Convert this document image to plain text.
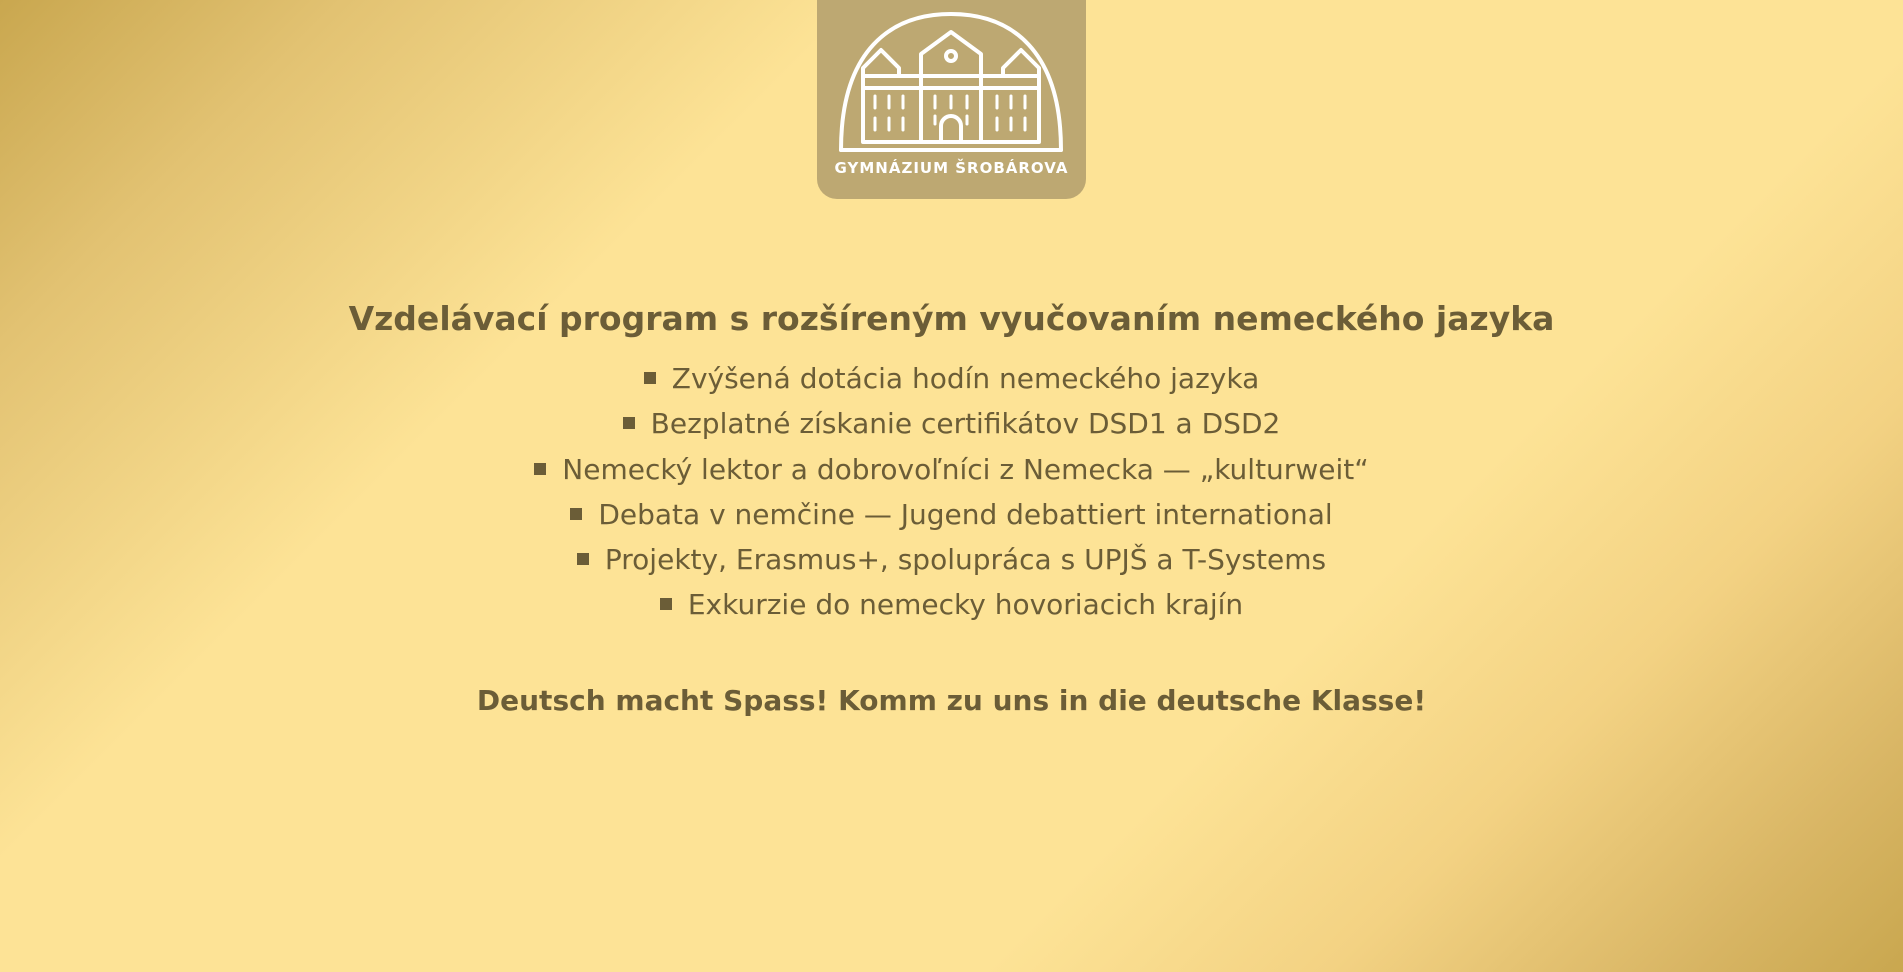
GYMNÁZIUM ŠROBÁROVA
Vzdelávací program s rozšíreným vyučovaním nemeckého jazyka
Zvýšená dotácia hodín nemeckého jazyka
Bezplatné získanie certifikátov DSD1 a DSD2
Nemecký lektor a dobrovoľníci z Nemecka — „kulturweit“
Debata v nemčine — Jugend debattiert international
Projekty, Erasmus+, spolupráca s UPJŠ a T-Systems
Exkurzie do nemecky hovoriacich krajín
Deutsch macht Spass! Komm zu uns in die deutsche Klasse!
